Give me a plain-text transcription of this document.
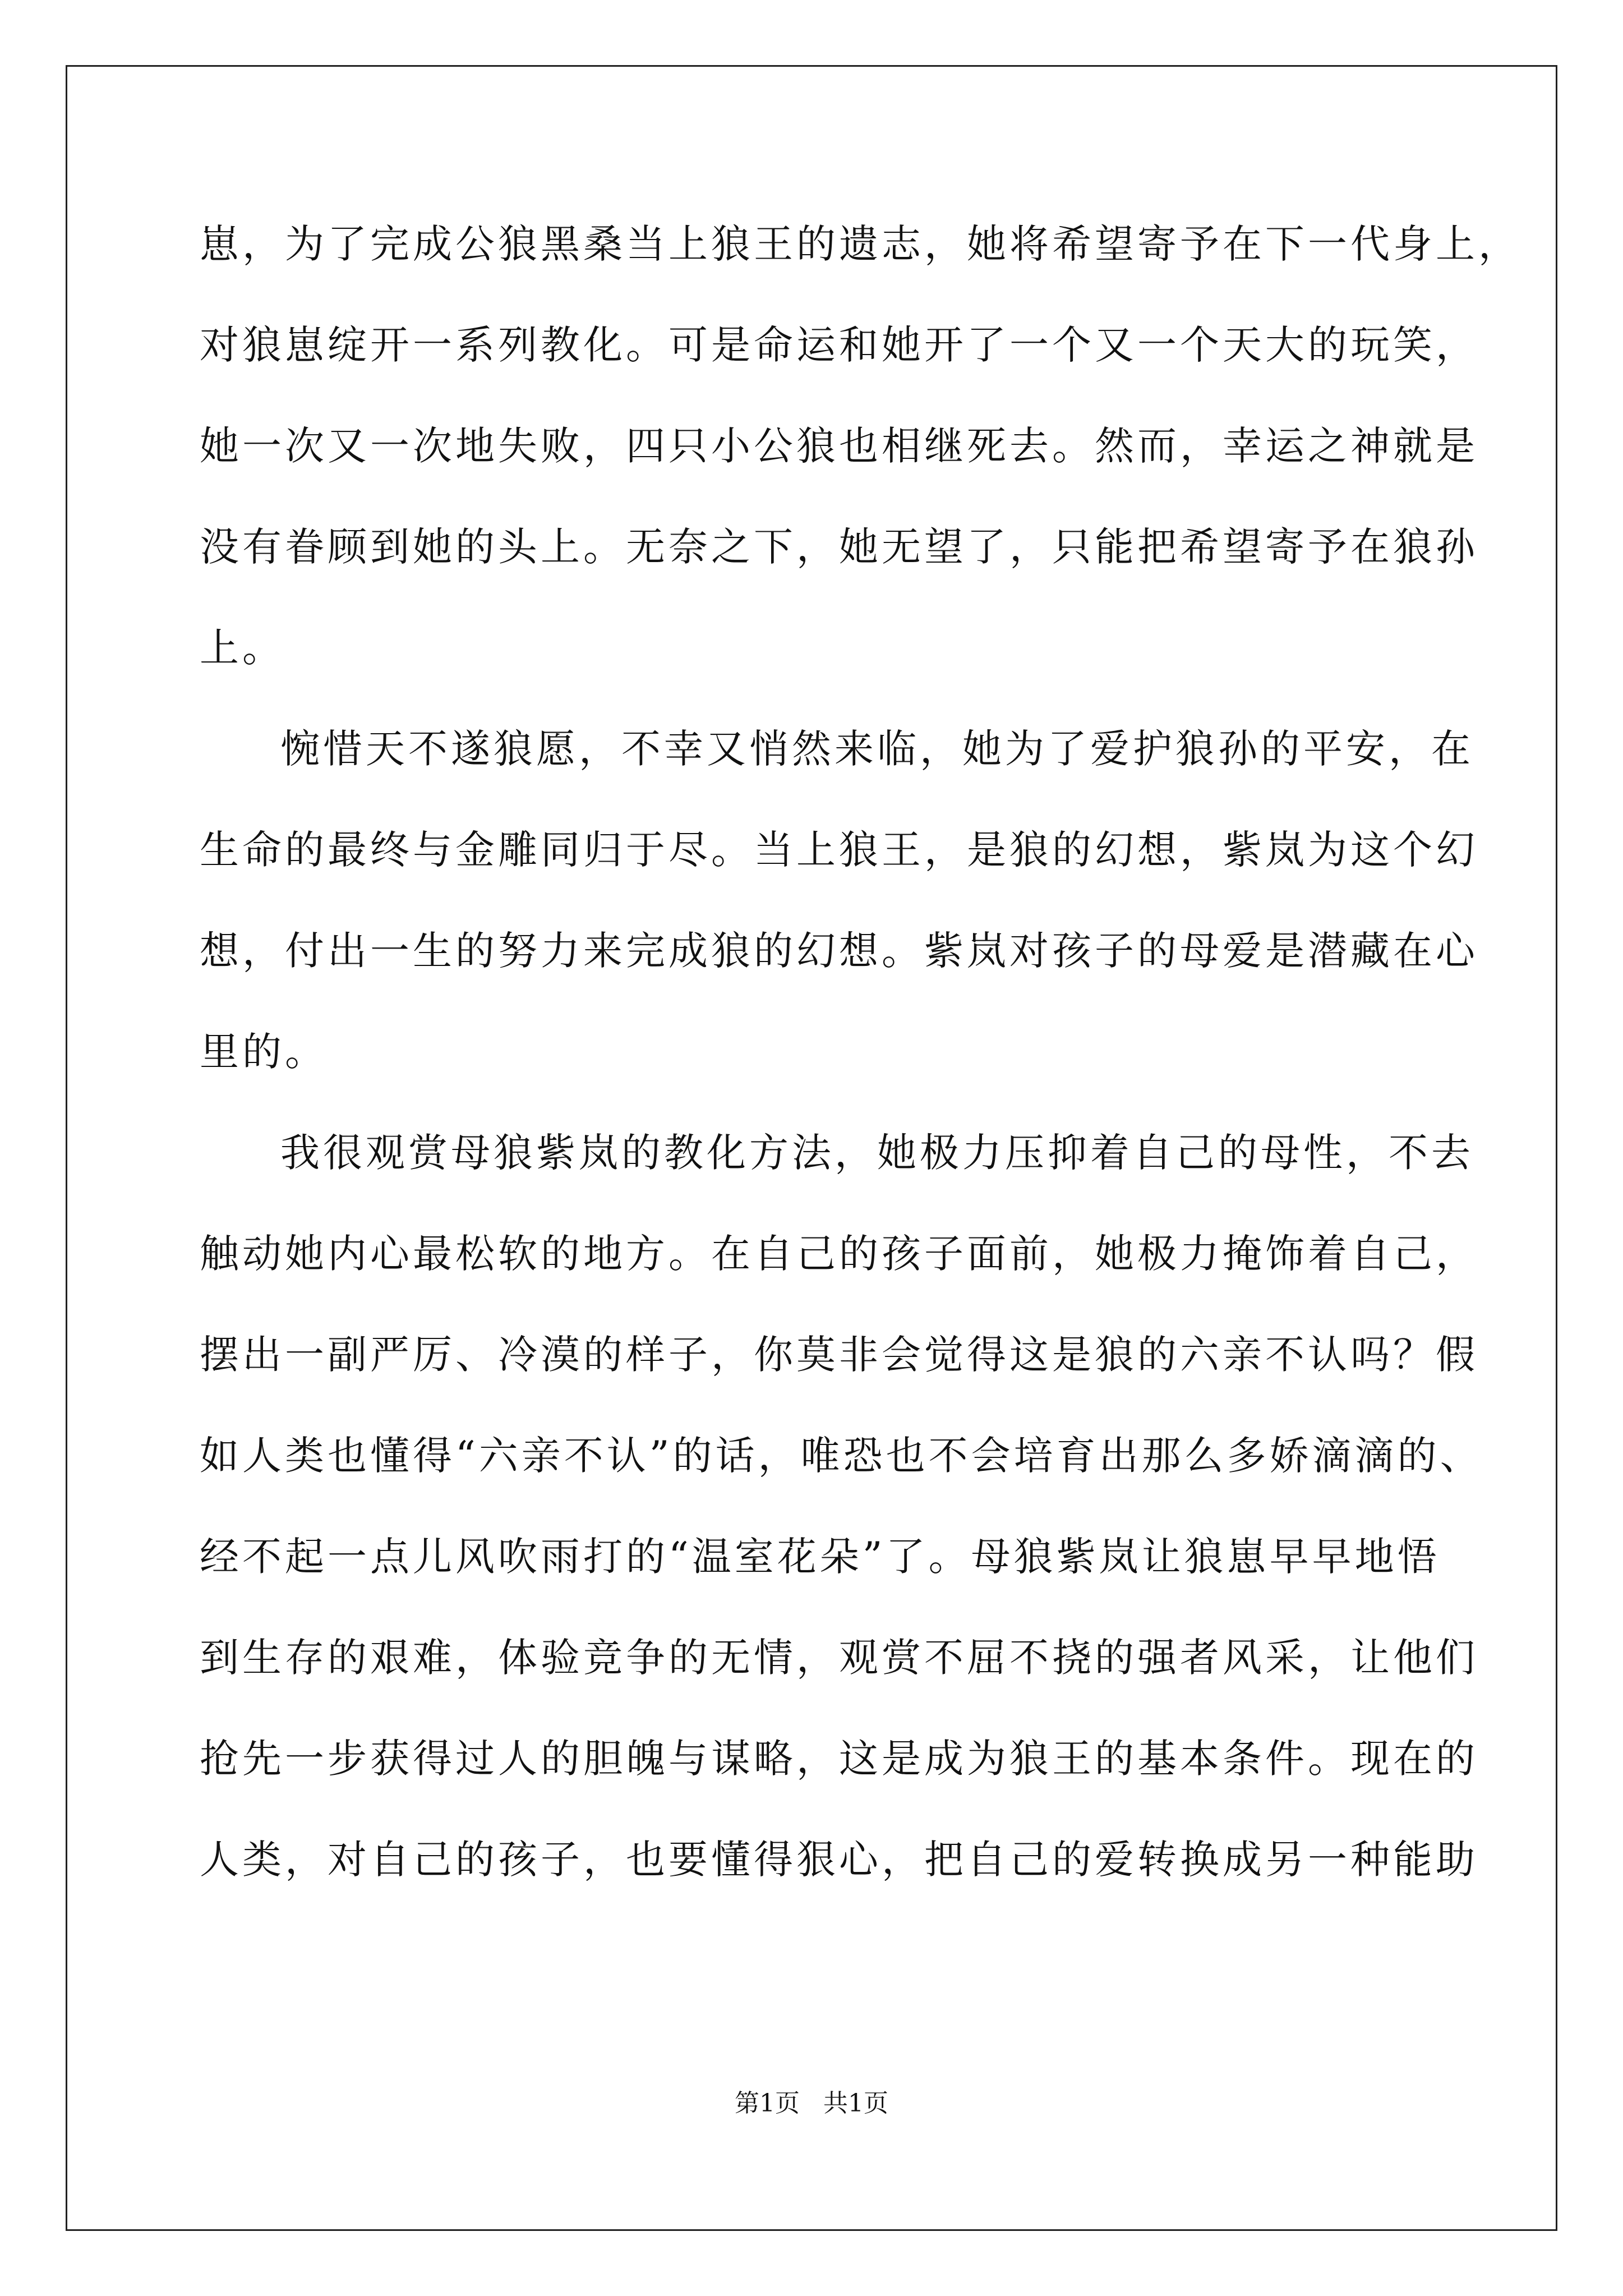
崽，为了完成公狼黑桑当上狼王的遗志，她将希望寄予在下一代身上，
对狼崽绽开一系列教化。可是命运和她开了一个又一个天大的玩笑，
她一次又一次地失败，四只小公狼也相继死去。然而，幸运之神就是
没有眷顾到她的头上。无奈之下，她无望了，只能把希望寄予在狼孙
上。
惋惜天不遂狼愿，不幸又悄然来临，她为了爱护狼孙的平安，在
生命的最终与金雕同归于尽。当上狼王，是狼的幻想，紫岚为这个幻
想，付出一生的努力来完成狼的幻想。紫岚对孩子的母爱是潜藏在心
里的。
我很观赏母狼紫岚的教化方法，她极力压抑着自己的母性，不去
触动她内心最松软的地方。在自己的孩子面前，她极力掩饰着自己，
摆出一副严厉、冷漠的样子，你莫非会觉得这是狼的六亲不认吗？假
如人类也懂得“六亲不认”的话，唯恐也不会培育出那么多娇滴滴的、
经不起一点儿风吹雨打的“温室花朵”了。母狼紫岚让狼崽早早地悟
到生存的艰难，体验竞争的无情，观赏不屈不挠的强者风采，让他们
抢先一步获得过人的胆魄与谋略，这是成为狼王的基本条件。现在的
人类，对自己的孩子，也要懂得狠心，把自己的爱转换成另一种能助
第1页 共1页
